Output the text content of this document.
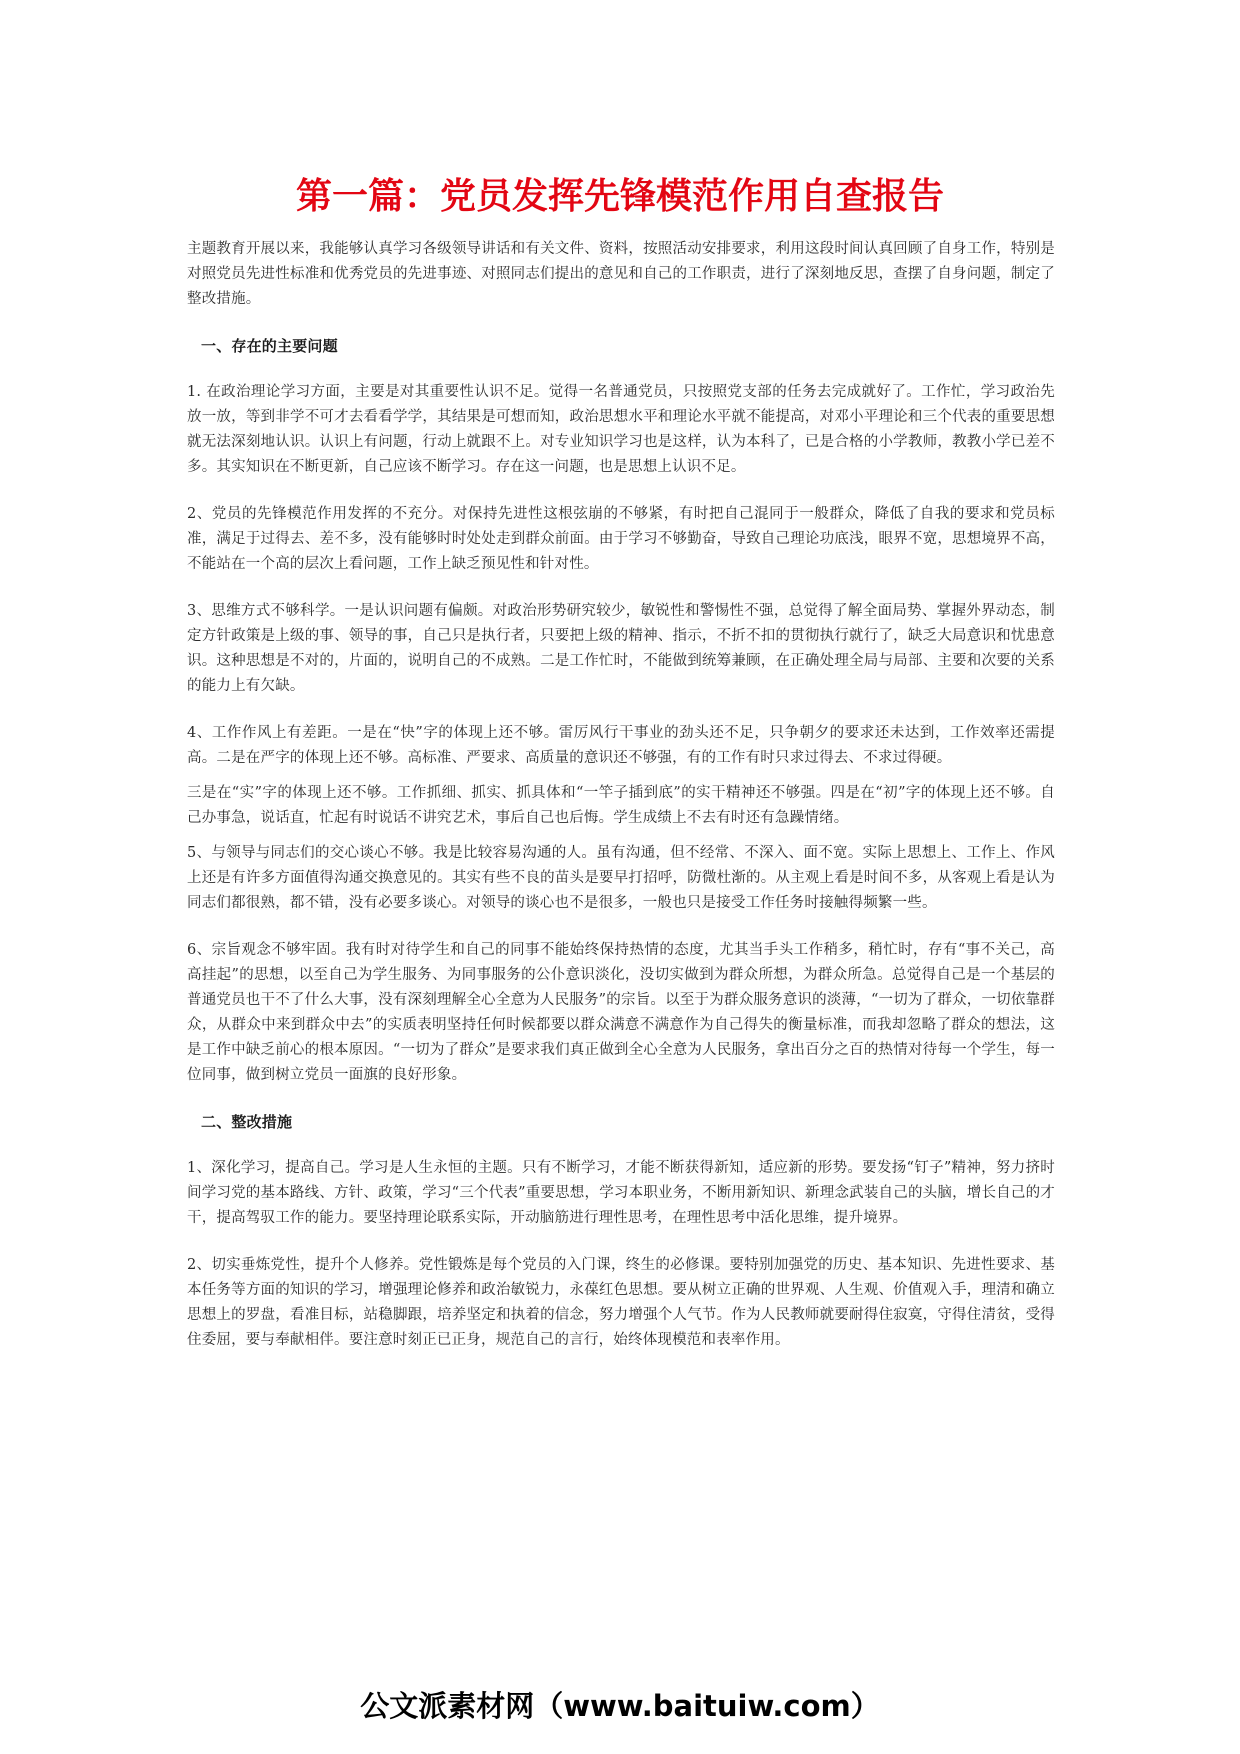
第一篇：党员发挥先锋模范作用自查报告

主题教育开展以来，我能够认真学习各级领导讲话和有关文件、资料，按照活动安排要求，利用这段时间认真回顾了自身工作，特别是对照党员先进性标准和优秀党员的先进事迹、对照同志们提出的意见和自己的工作职责，进行了深刻地反思，查摆了自身问题，制定了整改措施。

一、存在的主要问题

1. 在政治理论学习方面，主要是对其重要性认识不足。觉得一名普通党员，只按照党支部的任务去完成就好了。工作忙，学习政治先放一放，等到非学不可才去看看学学，其结果是可想而知，政治思想水平和理论水平就不能提高，对邓小平理论和三个代表的重要思想就无法深刻地认识。认识上有问题，行动上就跟不上。对专业知识学习也是这样，认为本科了，已是合格的小学教师，教教小学已差不多。其实知识在不断更新，自己应该不断学习。存在这一问题，也是思想上认识不足。

2、党员的先锋模范作用发挥的不充分。对保持先进性这根弦崩的不够紧，有时把自己混同于一般群众，降低了自我的要求和党员标准，满足于过得去、差不多，没有能够时时处处走到群众前面。由于学习不够勤奋，导致自己理论功底浅，眼界不宽，思想境界不高，不能站在一个高的层次上看问题，工作上缺乏预见性和针对性。

3、思维方式不够科学。一是认识问题有偏颇。对政治形势研究较少，敏锐性和警惕性不强，总觉得了解全面局势、掌握外界动态，制定方针政策是上级的事、领导的事，自己只是执行者，只要把上级的精神、指示，不折不扣的贯彻执行就行了，缺乏大局意识和忧患意识。这种思想是不对的，片面的，说明自己的不成熟。二是工作忙时，不能做到统筹兼顾，在正确处理全局与局部、主要和次要的关系的能力上有欠缺。

4、工作作风上有差距。一是在“快”字的体现上还不够。雷厉风行干事业的劲头还不足，只争朝夕的要求还未达到，工作效率还需提高。二是在严字的体现上还不够。高标准、严要求、高质量的意识还不够强，有的工作有时只求过得去、不求过得硬。

三是在“实”字的体现上还不够。工作抓细、抓实、抓具体和“一竿子插到底”的实干精神还不够强。四是在“初”字的体现上还不够。自己办事急，说话直，忙起有时说话不讲究艺术，事后自己也后悔。学生成绩上不去有时还有急躁情绪。

5、与领导与同志们的交心谈心不够。我是比较容易沟通的人。虽有沟通，但不经常、不深入、面不宽。实际上思想上、工作上、作风上还是有许多方面值得沟通交换意见的。其实有些不良的苗头是要早打招呼，防微杜渐的。从主观上看是时间不多，从客观上看是认为同志们都很熟，都不错，没有必要多谈心。对领导的谈心也不是很多，一般也只是接受工作任务时接触得频繁一些。

6、宗旨观念不够牢固。我有时对待学生和自己的同事不能始终保持热情的态度，尤其当手头工作稍多，稍忙时，存有“事不关己，高高挂起”的思想，以至自己为学生服务、为同事服务的公仆意识淡化，没切实做到为群众所想，为群众所急。总觉得自己是一个基层的普通党员也干不了什么大事，没有深刻理解全心全意为人民服务”的宗旨。以至于为群众服务意识的淡薄，“一切为了群众，一切依靠群众，从群众中来到群众中去”的实质表明坚持任何时候都要以群众满意不满意作为自己得失的衡量标准，而我却忽略了群众的想法，这是工作中缺乏前心的根本原因。“一切为了群众”是要求我们真正做到全心全意为人民服务，拿出百分之百的热情对待每一个学生，每一位同事，做到树立党员一面旗的良好形象。

二、整改措施

1、深化学习，提高自己。学习是人生永恒的主题。只有不断学习，才能不断获得新知，适应新的形势。要发扬“钉子”精神，努力挤时间学习党的基本路线、方针、政策，学习“三个代表”重要思想，学习本职业务，不断用新知识、新理念武装自己的头脑，增长自己的才干，提高驾驭工作的能力。要坚持理论联系实际，开动脑筋进行理性思考，在理性思考中活化思维，提升境界。

2、切实垂炼党性，提升个人修养。党性锻炼是每个党员的入门课，终生的必修课。要特别加强党的历史、基本知识、先进性要求、基本任务等方面的知识的学习，增强理论修养和政治敏锐力，永葆红色思想。要从树立正确的世界观、人生观、价值观入手，理清和确立思想上的罗盘，看准目标，站稳脚跟，培养坚定和执着的信念，努力增强个人气节。作为人民教师就要耐得住寂寞，守得住清贫，受得住委屈，要与奉献相伴。要注意时刻正已正身，规范自己的言行，始终体现模范和表率作用。

公文派素材网（www.baituiw.com）
